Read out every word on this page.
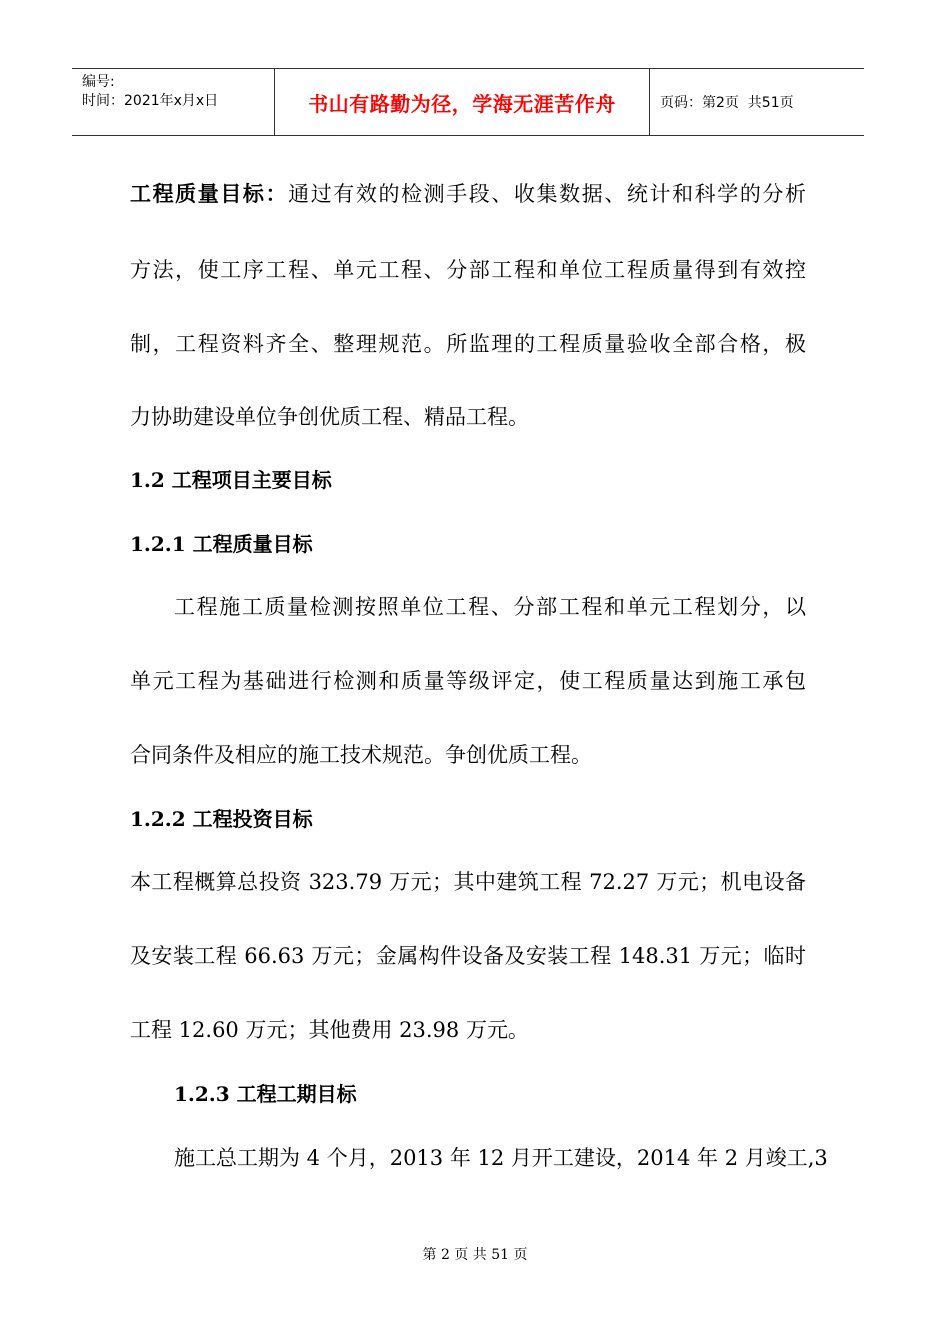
编号:
时间：2021年x月x日	书山有路勤为径，学海无涯苦作舟	页码：第2页  共51页
工程质量目标：通过有效的检测手段、收集数据、统计和科学的分析
方法，使工序工程、单元工程、分部工程和单位工程质量得到有效控
制，工程资料齐全、整理规范。所监理的工程质量验收全部合格，极
力协助建设单位争创优质工程、精品工程。
1.2 工程项目主要目标
1.2.1 工程质量目标
工程施工质量检测按照单位工程、分部工程和单元工程划分，以
单元工程为基础进行检测和质量等级评定，使工程质量达到施工承包
合同条件及相应的施工技术规范。争创优质工程。
1.2.2 工程投资目标
本工程概算总投资 323.79 万元；其中建筑工程 72.27 万元；机电设备
及安装工程 66.63 万元；金属构件设备及安装工程 148.31 万元；临时
工程 12.60 万元；其他费用 23.98 万元。
1.2.3 工程工期目标
施工总工期为 4 个月，2013 年 12 月开工建设，2014 年 2 月竣工,3
第 2 页 共 51 页
